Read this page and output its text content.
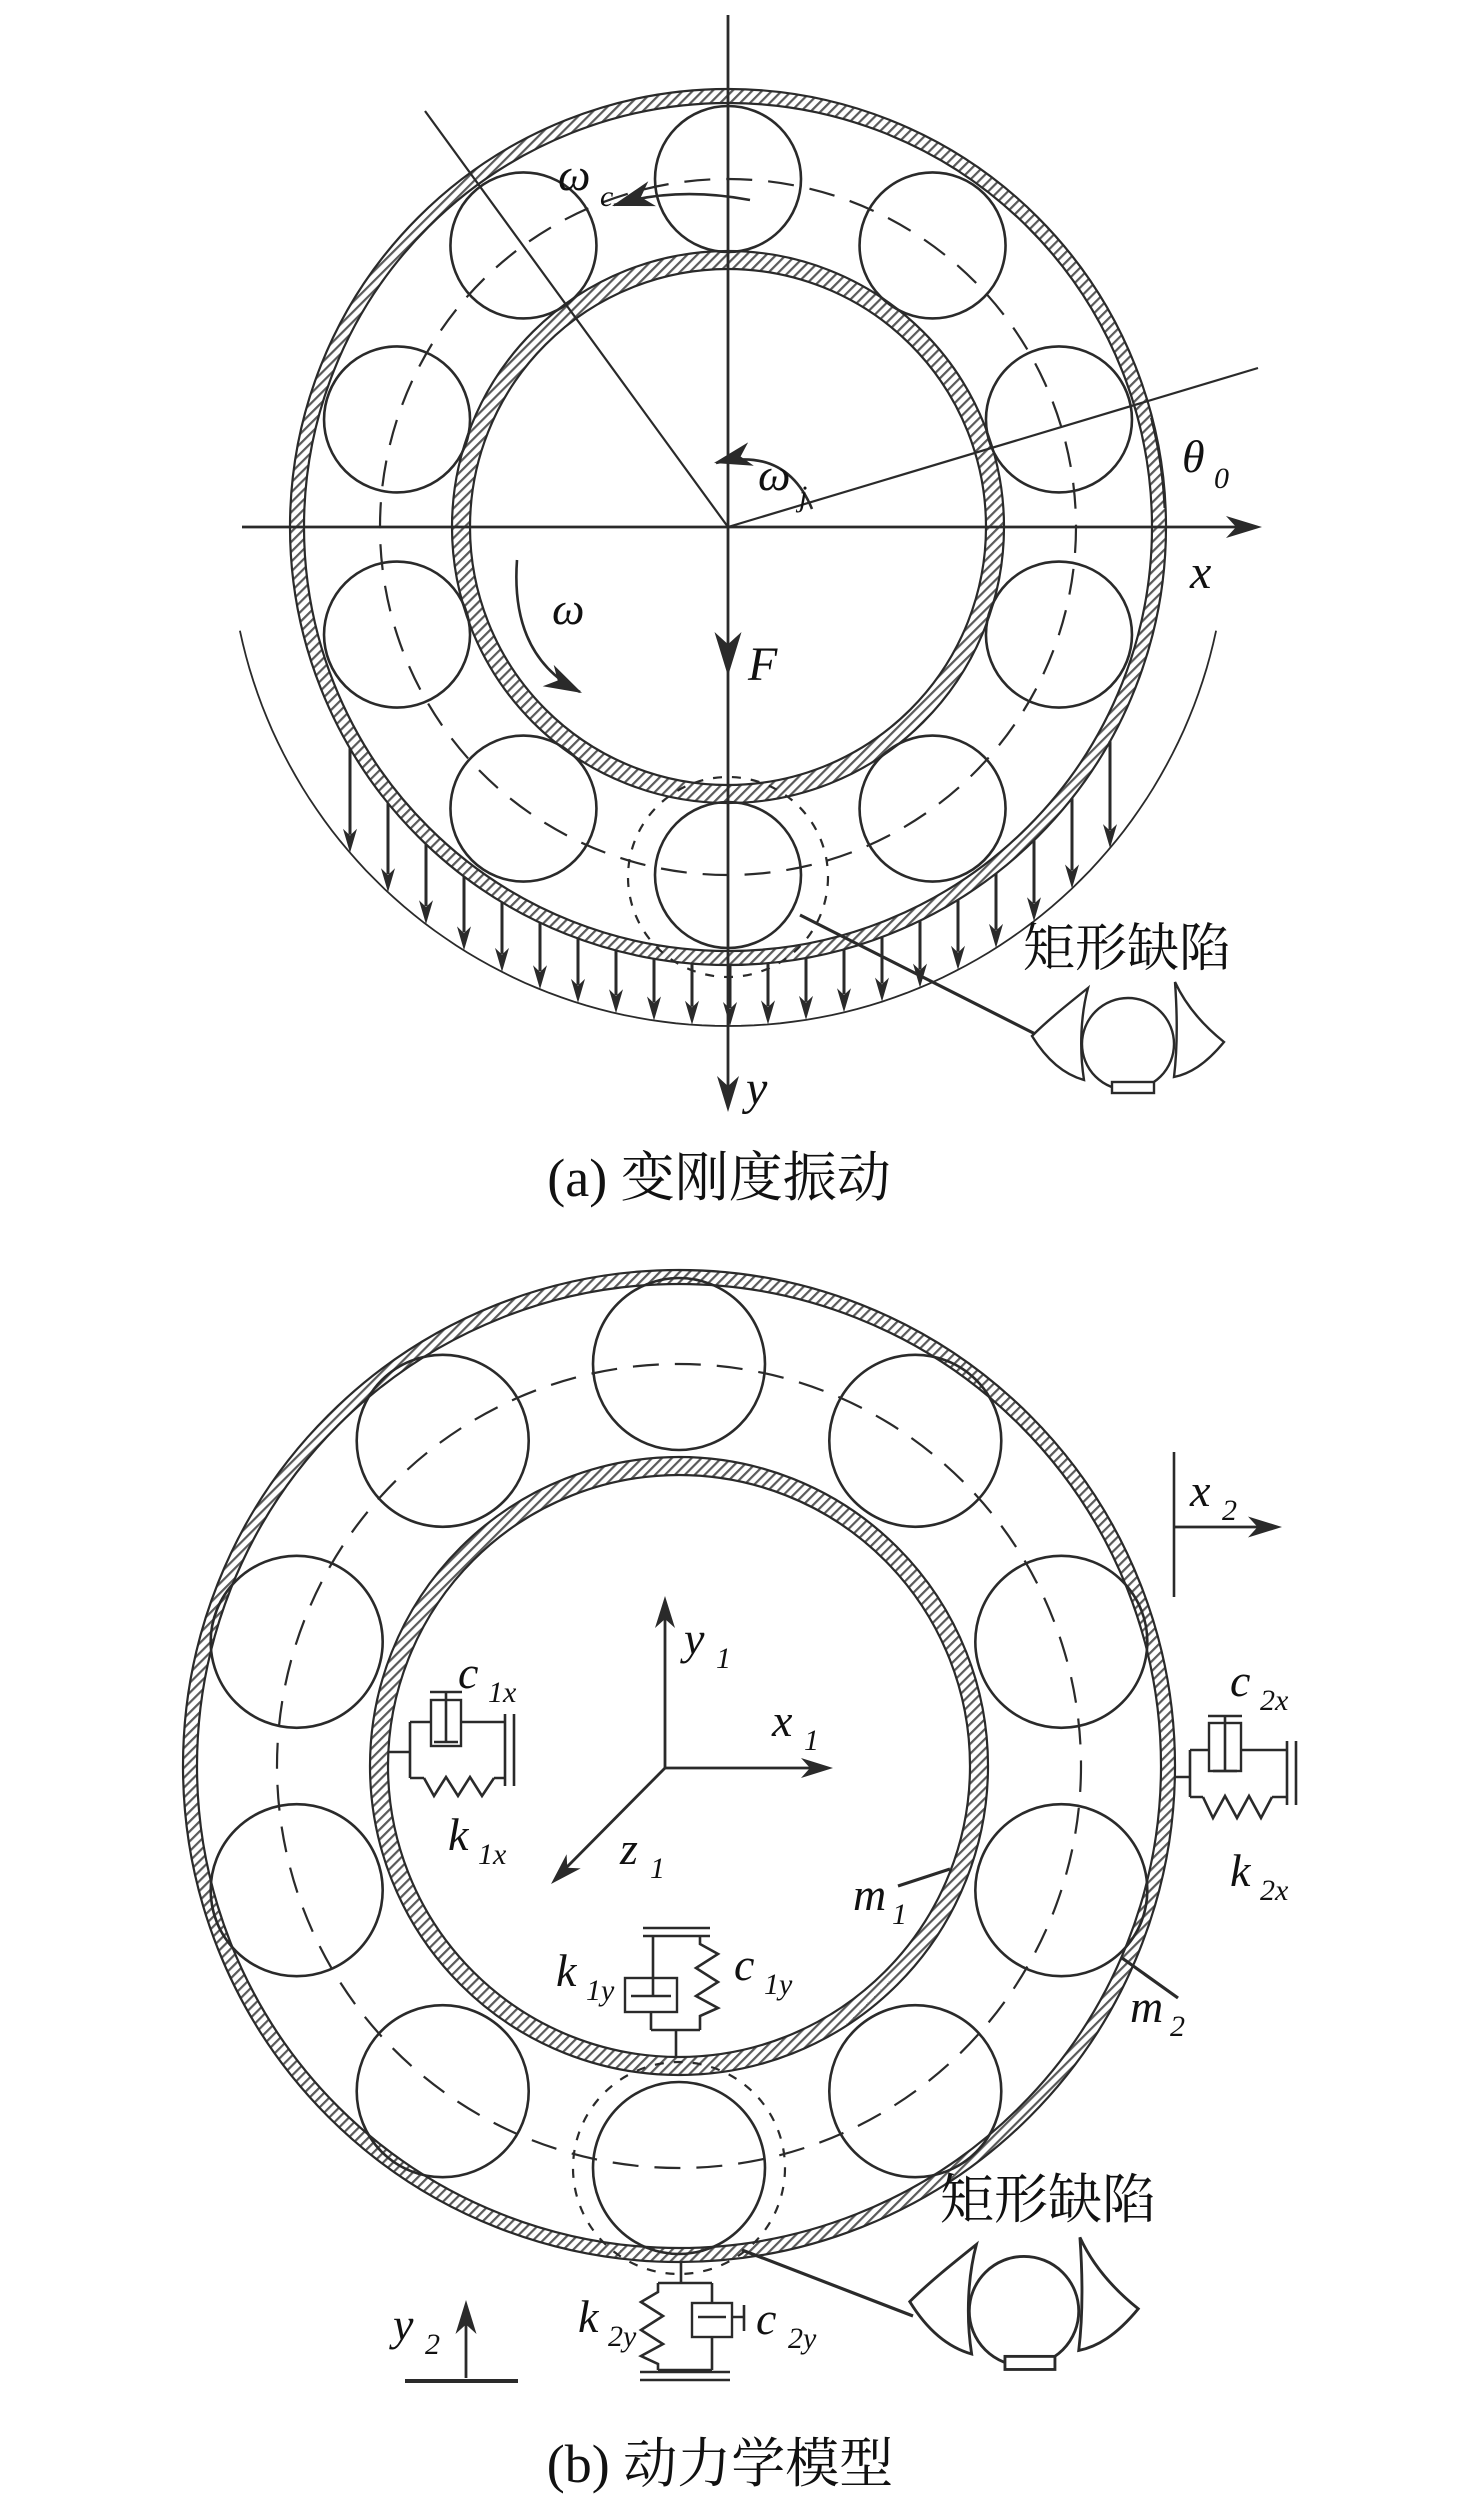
ω c
ω j
ω
F
θ 0
x
y
矩形缺陷
(a) 变刚度振动
x 1
y 1
z 1
x 2
y 2
c 1x
k 1x
c 2x
k 2x
k 1y
c 1y
k 2y	c 2y
m 1
m 2
矩形缺陷
(b) 动力学模型
